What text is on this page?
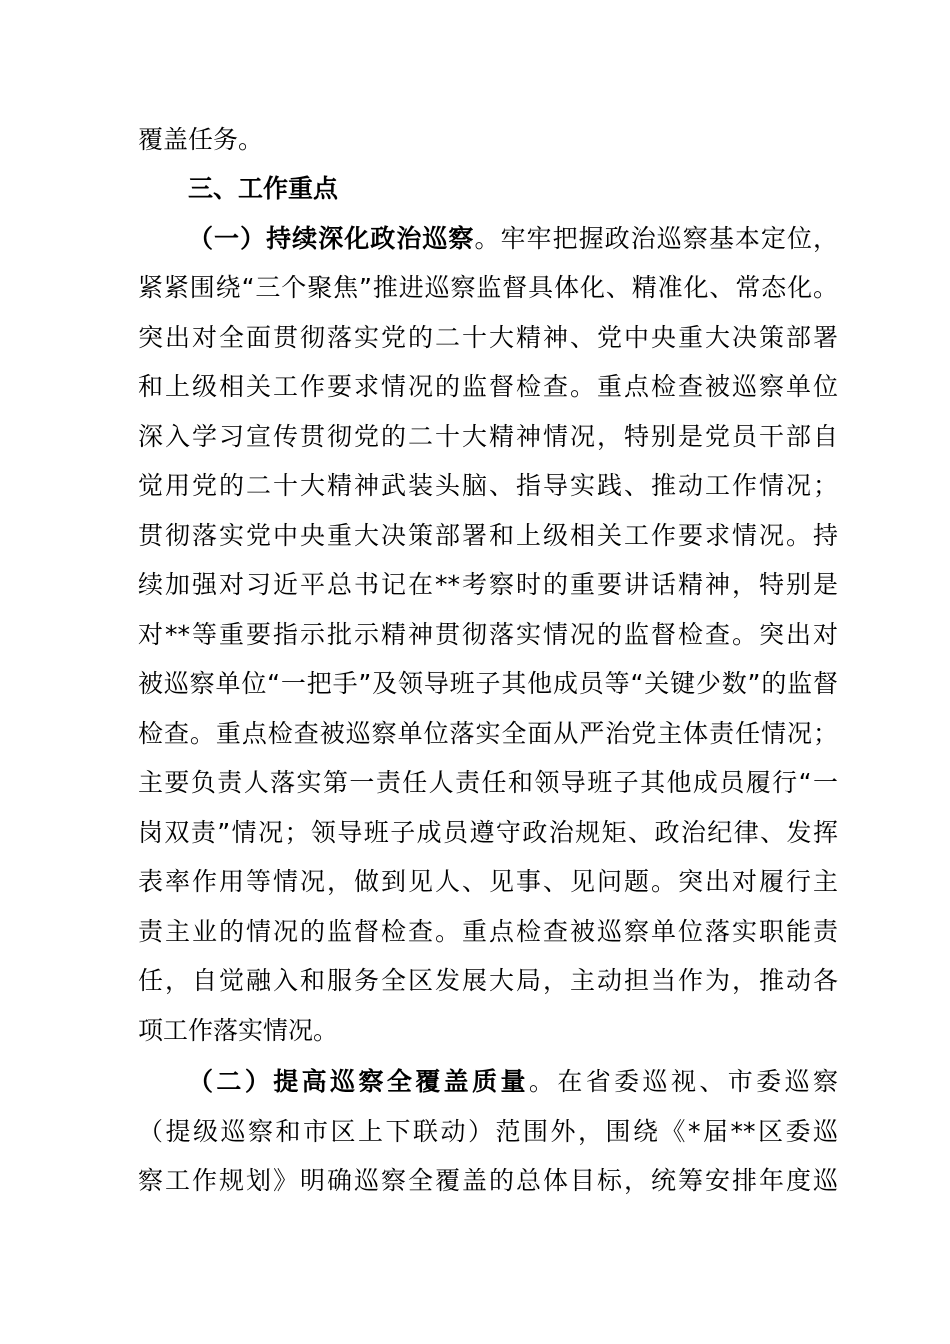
覆盖任务。
三、工作重点
（一）持续深化政治巡察。牢牢把握政治巡察基本定位，
紧紧围绕“三个聚焦”推进巡察监督具体化、精准化、常态化。
突出对全面贯彻落实党的二十大精神、党中央重大决策部署
和上级相关工作要求情况的监督检查。重点检查被巡察单位
深入学习宣传贯彻党的二十大精神情况，特别是党员干部自
觉用党的二十大精神武装头脑、指导实践、推动工作情况；
贯彻落实党中央重大决策部署和上级相关工作要求情况。持
续加强对习近平总书记在**考察时的重要讲话精神，特别是
对**等重要指示批示精神贯彻落实情况的监督检查。突出对
被巡察单位“一把手”及领导班子其他成员等“关键少数”的监督
检查。重点检查被巡察单位落实全面从严治党主体责任情况；
主要负责人落实第一责任人责任和领导班子其他成员履行“一
岗双责”情况；领导班子成员遵守政治规矩、政治纪律、发挥
表率作用等情况，做到见人、见事、见问题。突出对履行主
责主业的情况的监督检查。重点检查被巡察单位落实职能责
任，自觉融入和服务全区发展大局，主动担当作为，推动各
项工作落实情况。
（二）提高巡察全覆盖质量。在省委巡视、市委巡察
（提级巡察和市区上下联动）范围外，围绕《*届**区委巡
察工作规划》明确巡察全覆盖的总体目标，统筹安排年度巡
